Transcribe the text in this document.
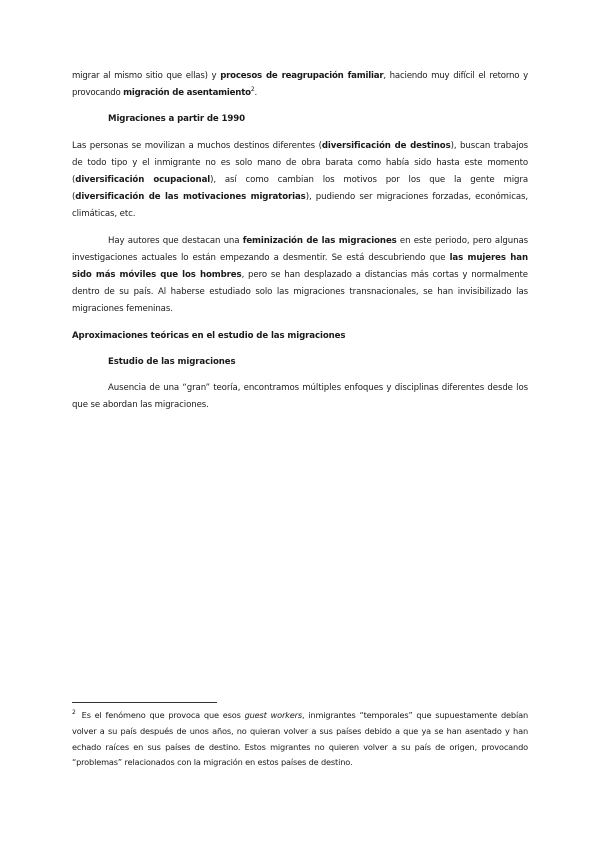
migrar al mismo sitio que ellas) y procesos de reagrupación familiar, haciendo muy difícil el retorno y provocando migración de asentamiento$^2$.

Migraciones a partir de 1990

Las personas se movilizan a muchos destinos diferentes (diversificación de destinos), buscan trabajos de todo tipo y el inmigrante no es solo mano de obra barata como había sido hasta este momento (diversificación ocupacional), así como cambian los motivos por los que la gente migra (diversificación de las motivaciones migratorias), pudiendo ser migraciones forzadas, económicas, climáticas, etc.

Hay autores que destacan una feminización de las migraciones en este periodo, pero algunas investigaciones actuales lo están empezando a desmentir. Se está descubriendo que las mujeres han sido más móviles que los hombres, pero se han desplazado a distancias más cortas y normalmente dentro de su país. Al haberse estudiado solo las migraciones transnacionales, se han invisibilizado las migraciones femeninas.

Aproximaciones teóricas en el estudio de las migraciones

Estudio de las migraciones

Ausencia de una “gran” teoría, encontramos múltiples enfoques y disciplinas diferentes desde los que se abordan las migraciones.

$^2$ Es el fenómeno que provoca que esos guest workers, inmigrantes “temporales” que supuestamente debían volver a su país después de unos años, no quieran volver a sus países debido a que ya se han asentado y han echado raíces en sus países de destino. Estos migrantes no quieren volver a su país de origen, provocando “problemas” relacionados con la migración en estos países de destino.
